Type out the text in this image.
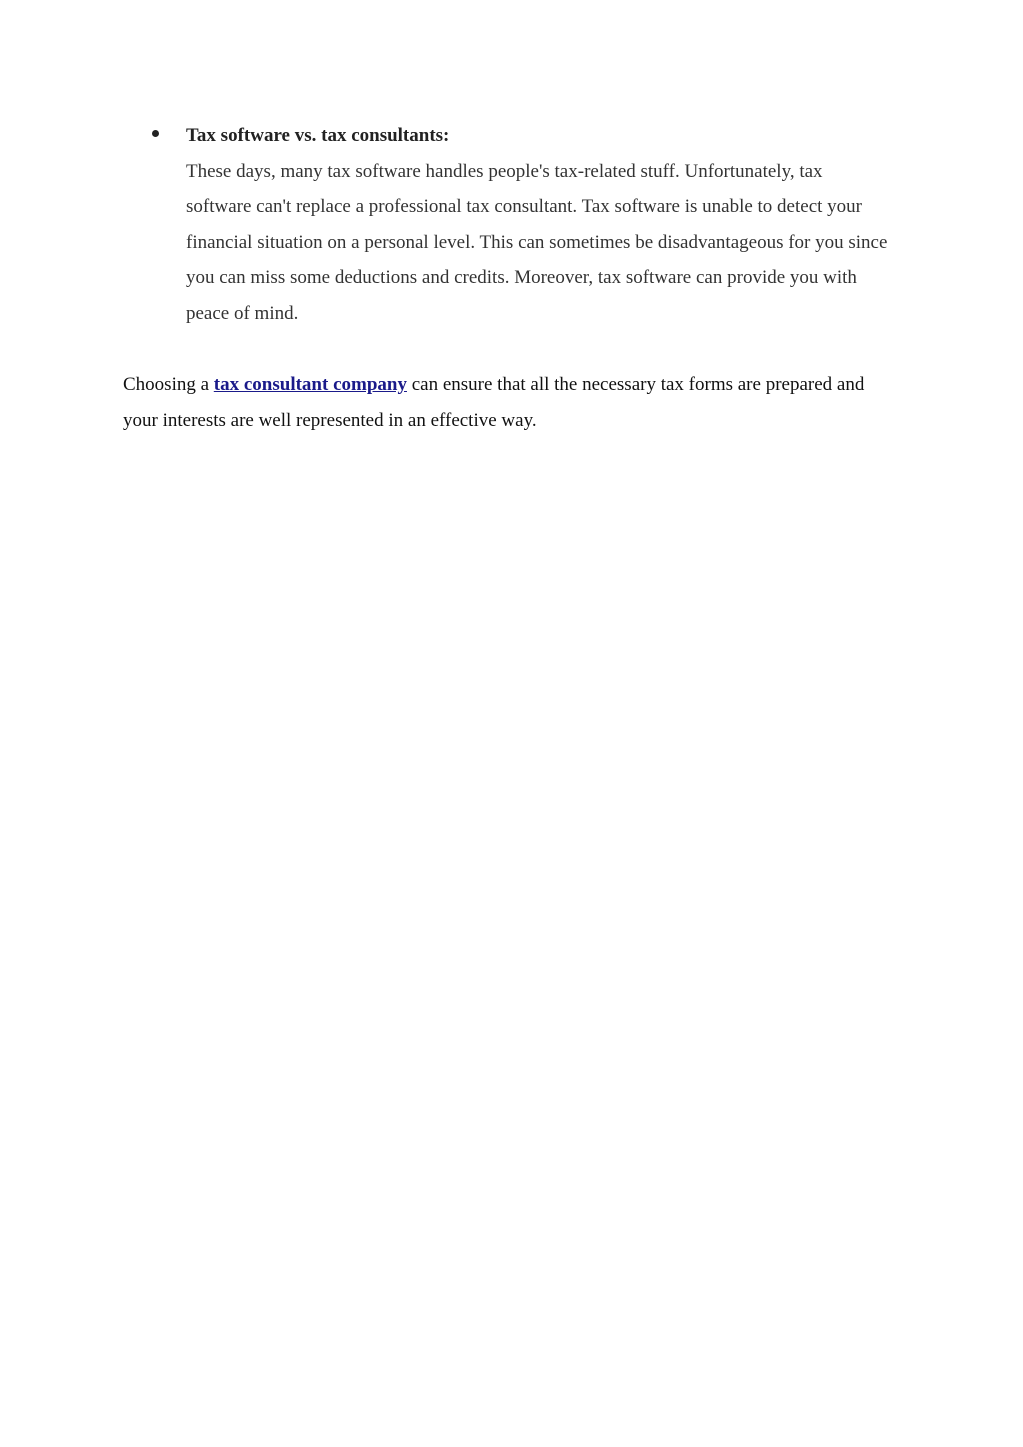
Tax software vs. tax consultants:
These days, many tax software handles people's tax-related stuff. Unfortunately, tax software can't replace a professional tax consultant. Tax software is unable to detect your financial situation on a personal level. This can sometimes be disadvantageous for you since you can miss some deductions and credits. Moreover, tax software can provide you with peace of mind.

Choosing a tax consultant company can ensure that all the necessary tax forms are prepared and your interests are well represented in an effective way.
